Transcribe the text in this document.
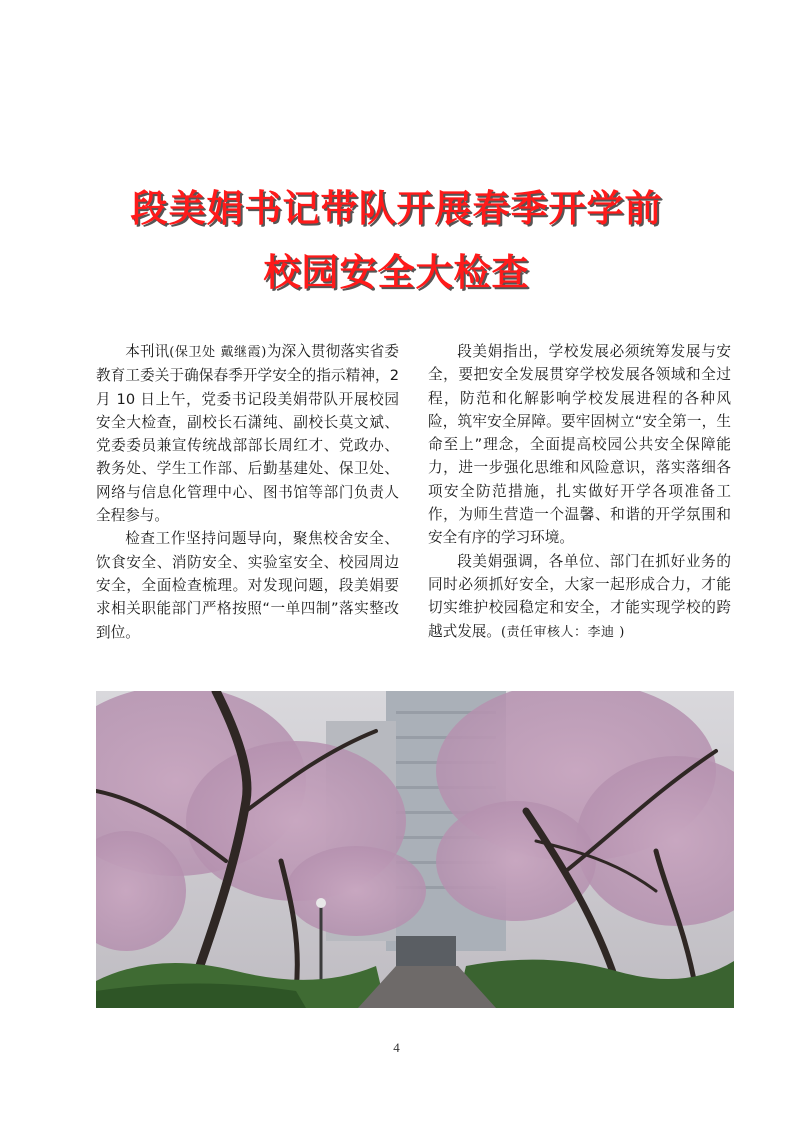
段美娟书记带队开展春季开学前
校园安全大检查

本刊讯(保卫处 戴继霞)为深入贯彻落实省委教育工委关于确保春季开学安全的指示精神，2 月 10 日上午，党委书记段美娟带队开展校园安全大检查，副校长石潇纯、副校长莫文斌、党委委员兼宣传统战部部长周红才、党政办、教务处、学生工作部、后勤基建处、保卫处、网络与信息化管理中心、图书馆等部门负责人全程参与。

检查工作坚持问题导向，聚焦校舍安全、饮食安全、消防安全、实验室安全、校园周边安全，全面检查梳理。对发现问题，段美娟要求相关职能部门严格按照“一单四制”落实整改到位。

段美娟指出，学校发展必须统筹发展与安全，要把安全发展贯穿学校发展各领域和全过程，防范和化解影响学校发展进程的各种风险，筑牢安全屏障。要牢固树立“安全第一，生命至上”理念，全面提高校园公共安全保障能力，进一步强化思维和风险意识，落实落细各项安全防范措施，扎实做好开学各项准备工作，为师生营造一个温馨、和谐的开学氛围和安全有序的学习环境。

段美娟强调，各单位、部门在抓好业务的同时必须抓好安全，大家一起形成合力，才能切实维护校园稳定和安全，才能实现学校的跨越式发展。(责任审核人：李迪 )

4
